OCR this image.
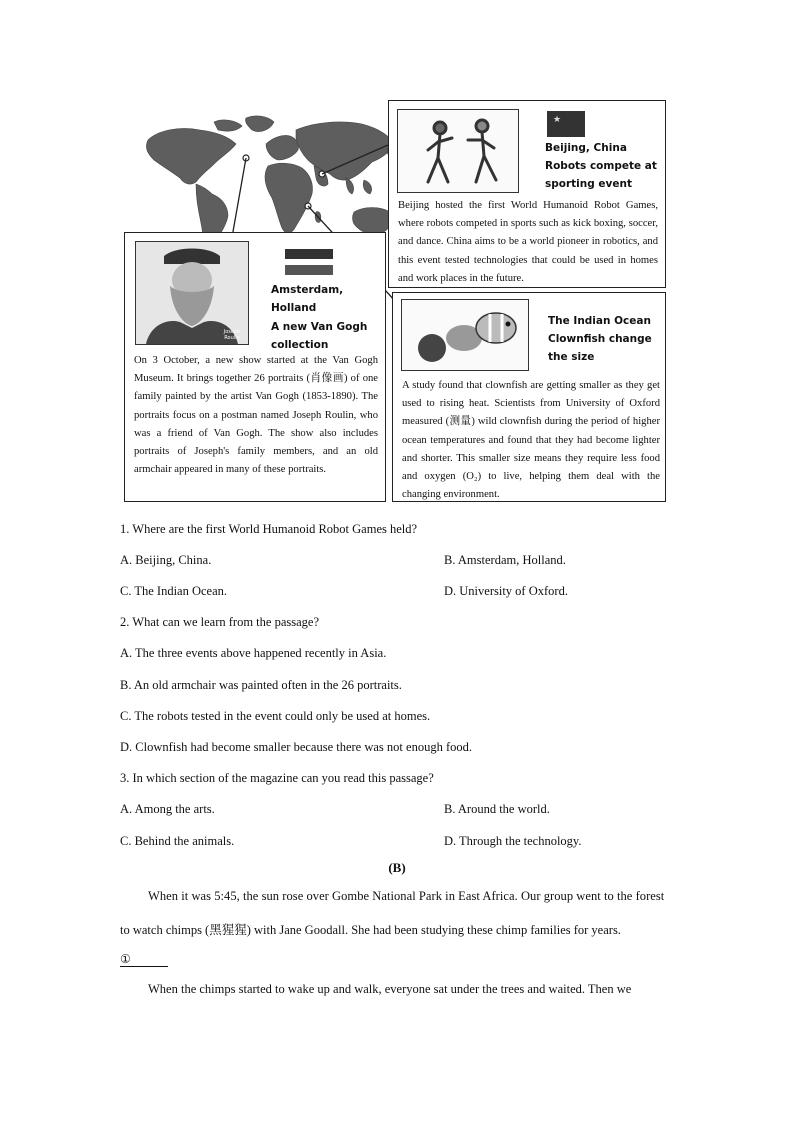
★
Beijing, China
Robots compete at
sporting event
Beijing hosted the first World Humanoid Robot Games, where robots competed in sports such as kick boxing, soccer, and dance. China aims to be a world pioneer in robotics, and this event tested technologies that could be used in homes and work places in the future.
Joseph Roulin
Amsterdam,
Holland
A new Van Gogh
collection
On 3 October, a new show started at the Van Gogh Museum. It brings together 26 portraits (肖像画) of one family painted by the artist Van Gogh (1853-1890). The portraits focus on a postman named Joseph Roulin, who was a friend of Van Gogh. The show also includes portraits of Joseph's family members, and an old armchair appeared in many of these portraits.
The Indian Ocean
Clownfish change
the size
A study found that clownfish are getting smaller as they get used to rising heat. Scientists from University of Oxford measured (测量) wild clownfish during the period of higher ocean temperatures and found that they had become lighter and shorter. This smaller size means they require less food and oxygen (O₂) to live, helping them deal with the changing environment.
1. Where are the first World Humanoid Robot Games held?
A. Beijing, China.	B. Amsterdam, Holland.
C. The Indian Ocean.	D. University of Oxford.
2. What can we learn from the passage?
A. The three events above happened recently in Asia.
B. An old armchair was painted often in the 26 portraits.
C. The robots tested in the event could only be used at homes.
D. Clownfish had become smaller because there was not enough food.
3. In which section of the magazine can you read this passage?
A. Among the arts.	B. Around the world.
C. Behind the animals.	D. Through the technology.
(B)
When it was 5:45, the sun rose over Gombe National Park in East Africa. Our group went to the forest
to watch chimps (黑猩猩) with Jane Goodall. She had been studying these chimp families for years.
①
When the chimps started to wake up and walk, everyone sat under the trees and waited. Then we
